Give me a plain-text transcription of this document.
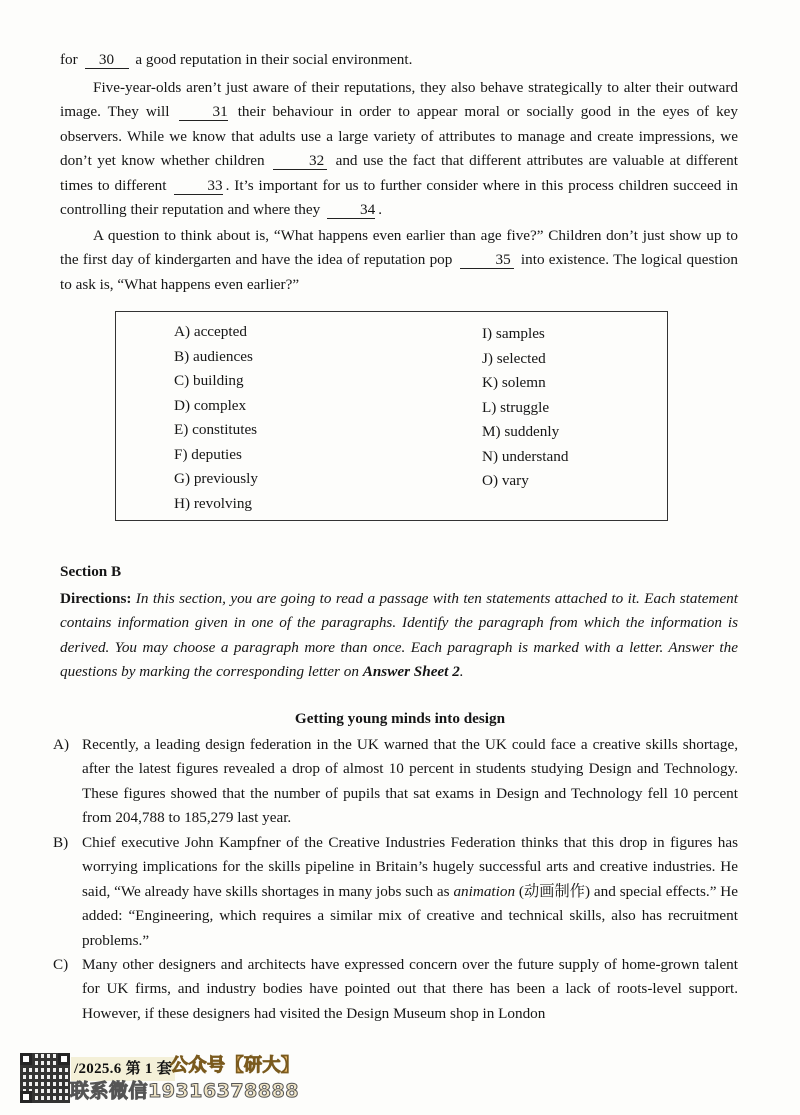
for 30 a good reputation in their social environment.

Five-year-olds aren’t just aware of their reputations, they also behave strategically to alter their outward image. They will	31 their behaviour in order to appear moral or socially good in the eyes of key observers. While we know that adults use a large variety of attributes to manage and create impressions, we don’t yet know whether children	32 and use the fact that different attributes are valuable at different times to different	33 . It’s important for us to further consider where in this process children succeed in controlling their reputation and where they	34 .

A question to think about is, “What happens even earlier than age five?” Children don’t just show up to the first day of kindergarten and have the idea of reputation pop	35 into existence. The logical question to ask is, “What happens even earlier?”

A) accepted
B) audiences
C) building
D) complex
E) constitutes
F) deputies
G) previously
H) revolving
I) samples
J) selected
K) solemn
L) struggle
M) suddenly
N) understand
O) vary
Section B

Directions: In this section, you are going to read a passage with ten statements attached to it. Each statement contains information given in one of the paragraphs. Identify the paragraph from which the information is derived. You may choose a paragraph more than once. Each paragraph is marked with a letter. Answer the questions by marking the corresponding letter on Answer Sheet 2.

Getting young minds into design
A) Recently, a leading design federation in the UK warned that the UK could face a creative skills shortage, after the latest figures revealed a drop of almost 10 percent in students studying Design and Technology. These figures showed that the number of pupils that sat exams in Design and Technology fell 10 percent from 204,788 to 185,279 last year.
B) Chief executive John Kampfner of the Creative Industries Federation thinks that this drop in figures has worrying implications for the skills pipeline in Britain’s hugely successful arts and creative industries. He said, “We already have skills shortages in many jobs such as animation (动画制作) and special effects.” He added: “Engineering, which requires a similar mix of creative and technical skills, also has recruitment problems.”
C) Many other designers and architects have expressed concern over the future supply of home-grown talent for UK firms, and industry bodies have pointed out that there has been a lack of roots-level support. However, if these designers had visited the Design Museum shop in London
/2025.6 第 1 套
公众号【研大】
联系微信19316378888
